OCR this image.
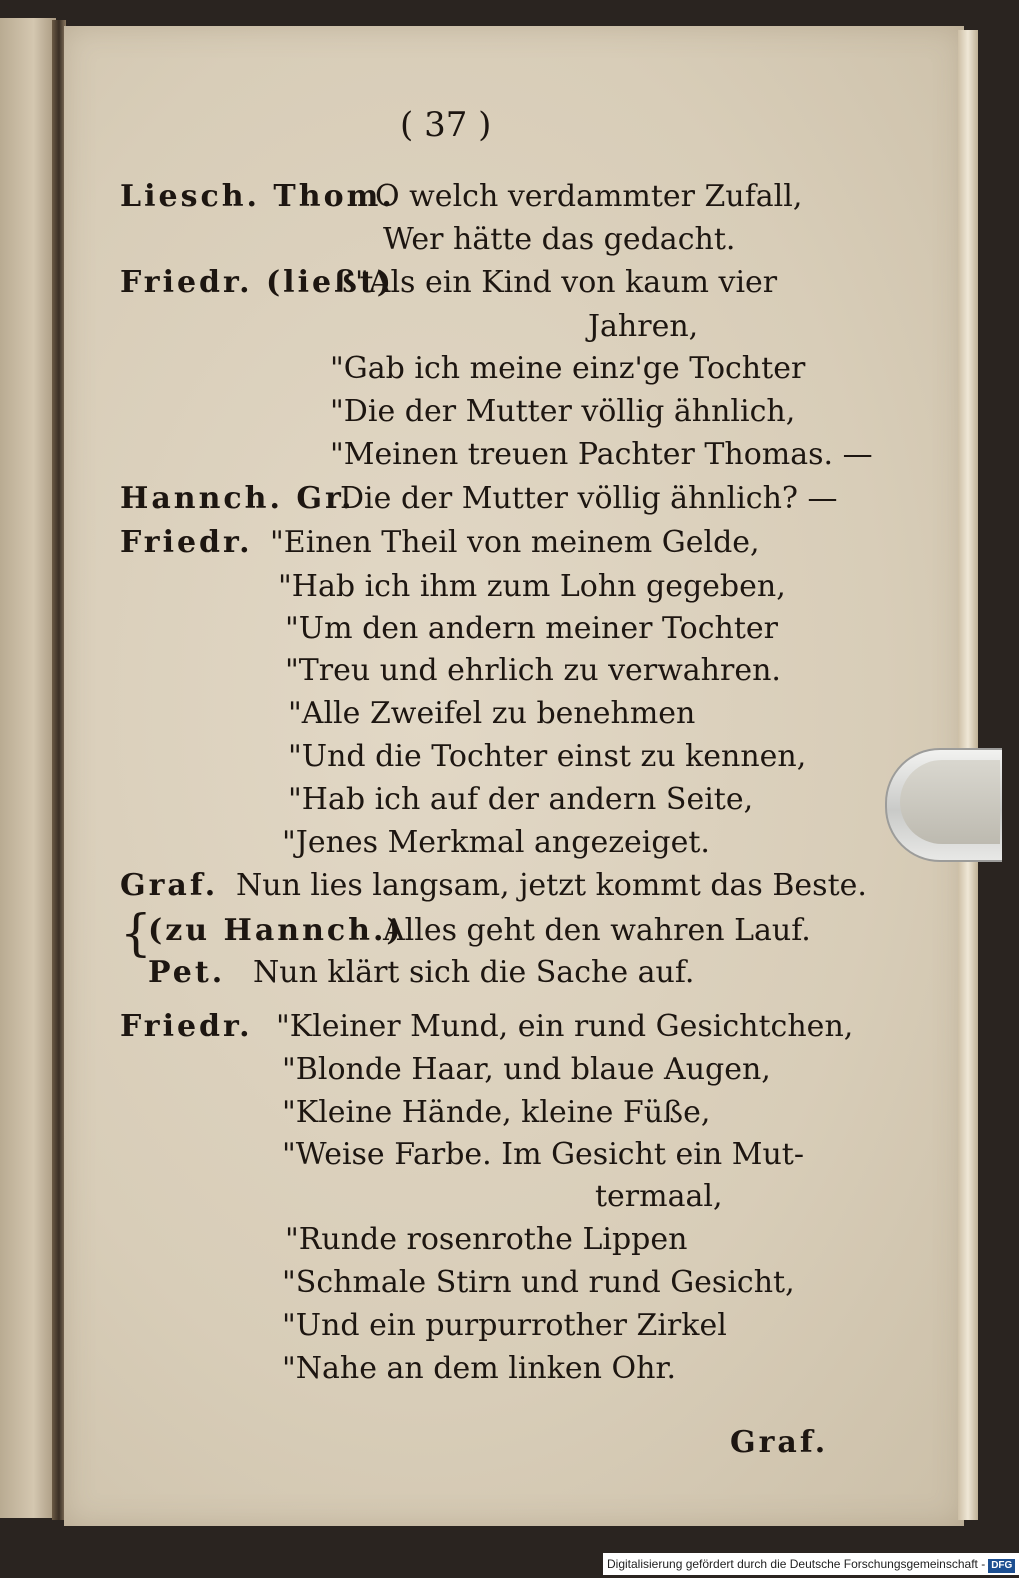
( 37 )
Liesch. Thom.
O welch verdammter Zufall,
Wer hätte das gedacht.
Friedr. (ließt)
"Als ein Kind von kaum vier
Jahren,
"Gab ich meine einz'ge Tochter
"Die der Mutter völlig ähnlich,
"Meinen treuen Pachter Thomas. —
Hannch. Gr.
Die der Mutter völlig ähnlich? —
Friedr. "Einen Theil von meinem Gelde,
"Hab ich ihm zum Lohn gegeben,
"Um den andern meiner Tochter
"Treu und ehrlich zu verwahren.
"Alle Zweifel zu benehmen
"Und die Tochter einst zu kennen,
"Hab ich auf der andern Seite,
"Jenes Merkmal angezeiget.
Graf. Nun lies langsam, jetzt kommt das Beste.
{
(zu Hannch.)
Alles geht den wahren Lauf.
Pet. Nun klärt sich die Sache auf.
Friedr. "Kleiner Mund, ein rund Gesichtchen,
"Blonde Haar, und blaue Augen,
"Kleine Hände, kleine Füße,
"Weise Farbe. Im Gesicht ein Mut-
termaal,
"Runde rosenrothe Lippen
"Schmale Stirn und rund Gesicht,
"Und ein purpurrother Zirkel
"Nahe an dem linken Ohr.
Graf.
Digitalisierung gefördert durch die Deutsche Forschungsgemeinschaft - DFG
